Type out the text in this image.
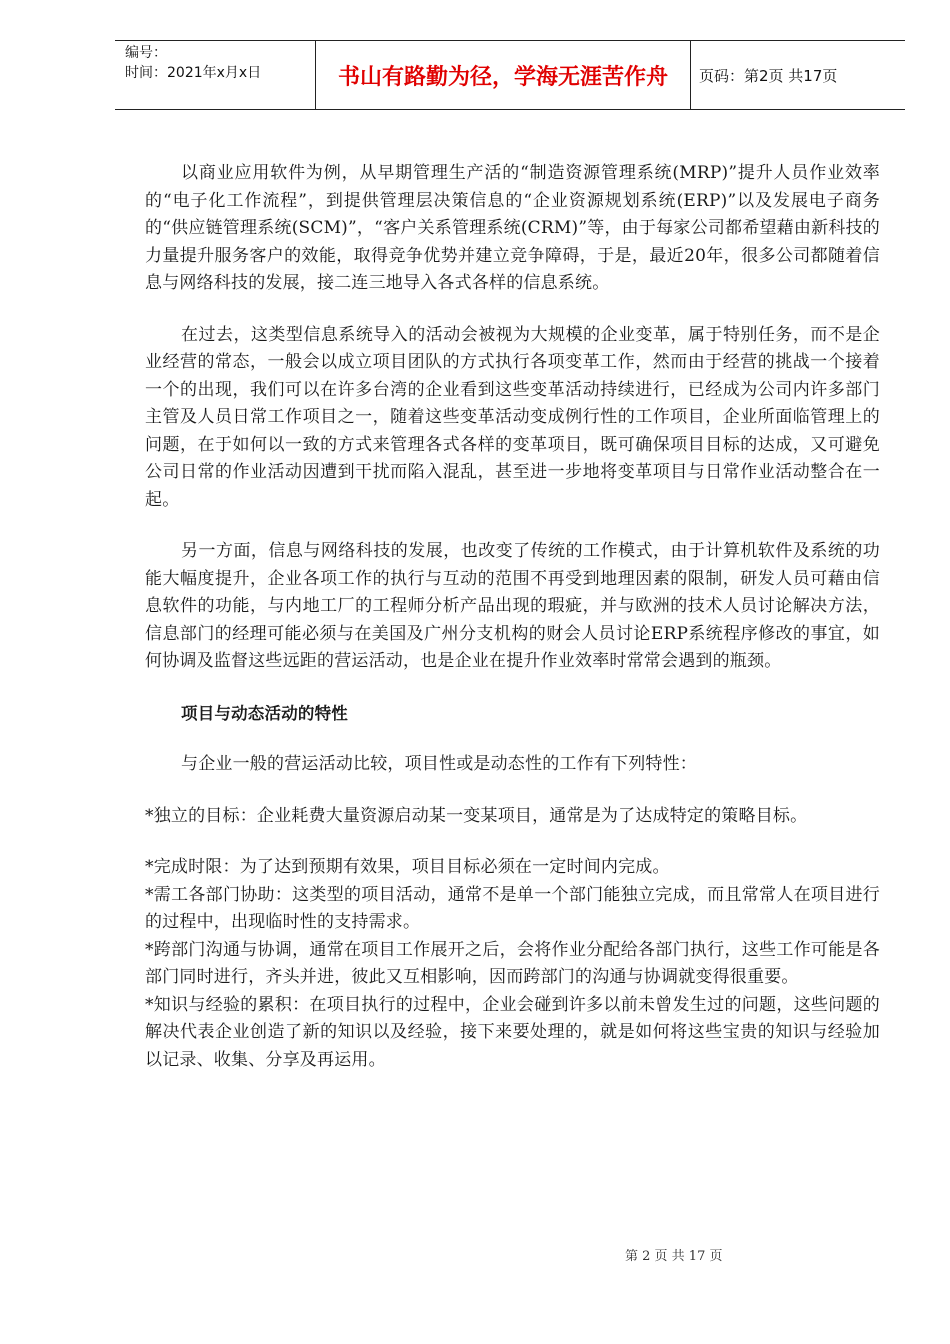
编号：
时间：2021年x月x日	书山有路勤为径，学海无涯苦作舟	页码：第2页 共17页

以商业应用软件为例，从早期管理生产活的“制造资源管理系统(MRP)”提升人员作业效率的“电子化工作流程”，到提供管理层决策信息的“企业资源规划系统(ERP)”以及发展电子商务的“供应链管理系统(SCM)”，“客户关系管理系统(CRM)”等，由于每家公司都希望藉由新科技的力量提升服务客户的效能，取得竞争优势并建立竞争障碍，于是，最近20年，很多公司都随着信息与网络科技的发展，接二连三地导入各式各样的信息系统。

在过去，这类型信息系统导入的活动会被视为大规模的企业变革，属于特别任务，而不是企业经营的常态，一般会以成立项目团队的方式执行各项变革工作，然而由于经营的挑战一个接着一个的出现，我们可以在许多台湾的企业看到这些变革活动持续进行，已经成为公司内许多部门主管及人员日常工作项目之一，随着这些变革活动变成例行性的工作项目，企业所面临管理上的问题，在于如何以一致的方式来管理各式各样的变革项目，既可确保项目目标的达成，又可避免公司日常的作业活动因遭到干扰而陷入混乱，甚至进一步地将变革项目与日常作业活动整合在一起。

另一方面，信息与网络科技的发展，也改变了传统的工作模式，由于计算机软件及系统的功能大幅度提升，企业各项工作的执行与互动的范围不再受到地理因素的限制，研发人员可藉由信息软件的功能，与内地工厂的工程师分析产品出现的瑕疵，并与欧洲的技术人员讨论解决方法，信息部门的经理可能必须与在美国及广州分支机构的财会人员讨论ERP系统程序修改的事宜，如何协调及监督这些远距的营运活动，也是企业在提升作业效率时常常会遇到的瓶颈。

项目与动态活动的特性

与企业一般的营运活动比较，项目性或是动态性的工作有下列特性：

*独立的目标：企业耗费大量资源启动某一变某项目，通常是为了达成特定的策略目标。
*完成时限：为了达到预期有效果，项目目标必须在一定时间内完成。
*需工各部门协助：这类型的项目活动，通常不是单一个部门能独立完成，而且常常人在项目进行的过程中，出现临时性的支持需求。
*跨部门沟通与协调，通常在项目工作展开之后，会将作业分配给各部门执行，这些工作可能是各部门同时进行，齐头并进，彼此又互相影响，因而跨部门的沟通与协调就变得很重要。
*知识与经验的累积：在项目执行的过程中，企业会碰到许多以前未曾发生过的问题，这些问题的解决代表企业创造了新的知识以及经验，接下来要处理的，就是如何将这些宝贵的知识与经验加以记录、收集、分享及再运用。
第 2 页 共 17 页
